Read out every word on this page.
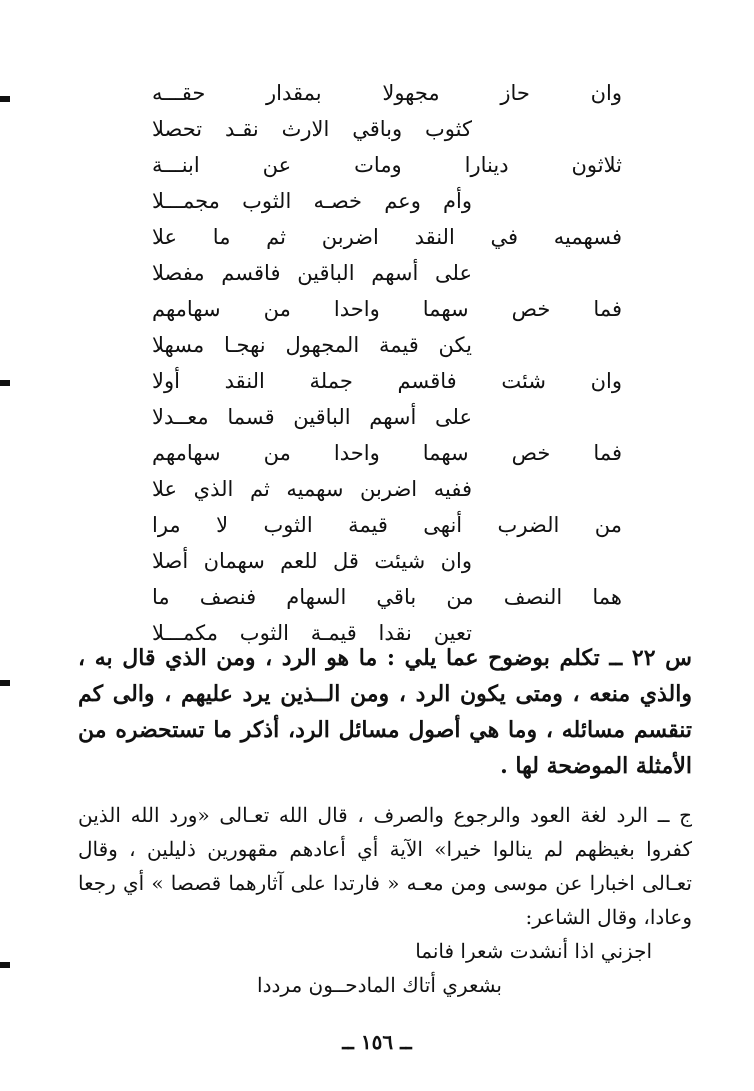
وان حاز مجهولا بمقدار حقـــه
كثوب وباقي الارث نقـد تحصلا
ثلاثون دينارا ومات عن ابنـــة
وأم وعم خصـه الثوب مجمـــلا
فسهميه في النقد اضربن ثم ما علا
على أسهم الباقين فاقسم مفصلا
فما خص سهما واحدا من سهامهم
يكن قيمة المجهول نهجـا مسهلا
وان شئت فاقسم جملة النقد أولا
على أسهم الباقين قسما معــدلا
فما خص سهما واحدا من سهامهم
ففيه اضربن سهميه ثم الذي علا
من الضرب أنهى قيمة الثوب لا مرا
وان شيئت قل للعم سهمان أصلا
هما النصف من باقي السهام فنصف ما
تعين نقدا قيمـة الثوب مكمـــلا
س ٢٢ ــ تكلم بوضوح عما يلي : ما هو الرد ، ومن الذي قال به ، والذي منعه ، ومتى يكون الرد ، ومن الــذين يرد عليهم ، والى كم تنقسم مسائله ، وما هي أصول مسائل الرد، أذكر ما تستحضره من الأمثلة الموضحة لها .
ج ــ الرد لغة العود والرجوع والصرف ، قال الله تعـالى «ورد الله الذين كفروا بغيظهم لم ينالوا خيرا» الآية أي أعادهم مقهورين ذليلين ، وقال تعـالى اخبارا عن موسى ومن معـه « فارتدا على آثارهما قصصا » أي رجعا وعادا، وقال الشاعر:
اجزني اذا أنشدت شعرا فانما
بشعري أتاك المادحــون مرددا
ــ ١٥٦ ــ
